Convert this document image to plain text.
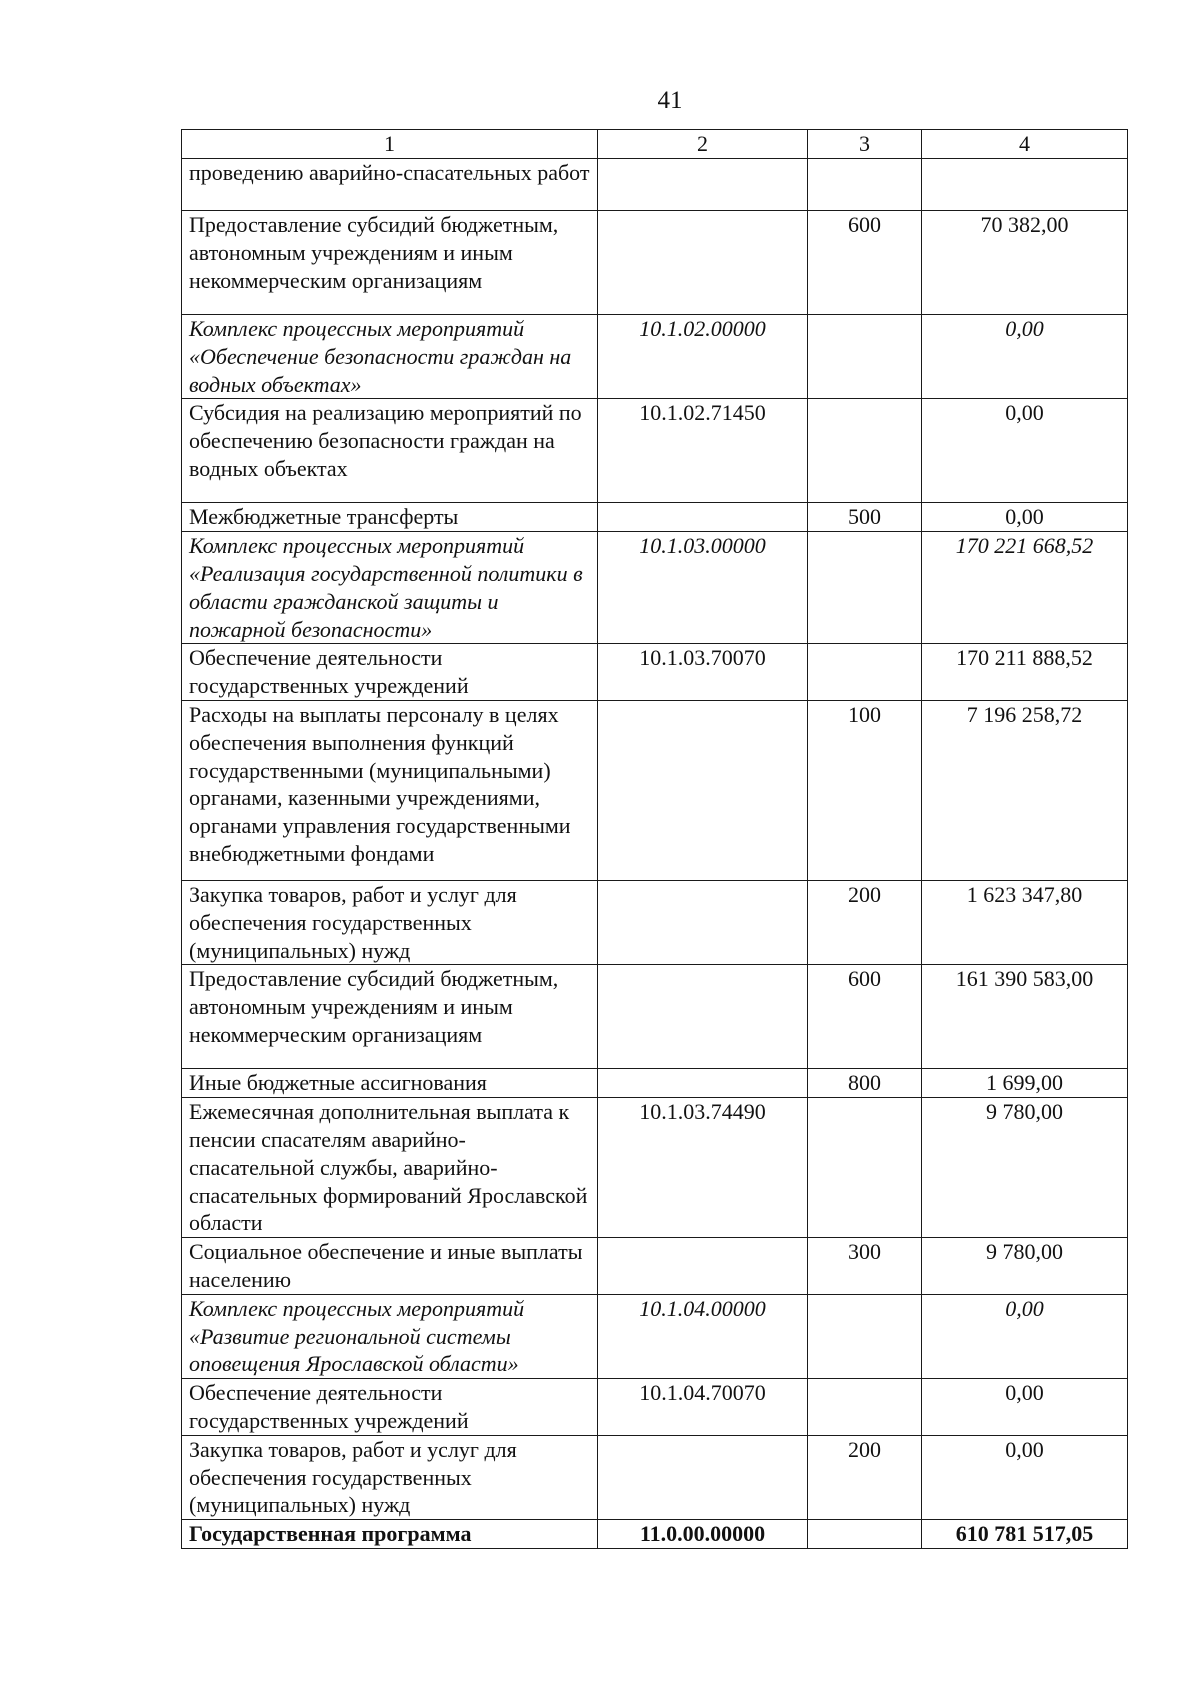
41
1	2	3	4
проведению аварийно-спасательных работ			
Предоставление субсидий бюджетным, автономным учреждениям и иным некоммерческим организациям		600	70 382,00
Комплекс процессных мероприятий «Обеспечение безопасности граждан на водных объектах»	10.1.02.00000		0,00
Субсидия на реализацию мероприятий по обеспечению безопасности граждан на водных объектах	10.1.02.71450		0,00
Межбюджетные трансферты		500	0,00
Комплекс процессных мероприятий «Реализация государственной политики в области гражданской защиты и пожарной безопасности»	10.1.03.00000		170 221 668,52
Обеспечение деятельности государственных учреждений	10.1.03.70070		170 211 888,52
Расходы на выплаты персоналу в целях обеспечения выполнения функций государственными (муниципальными) органами, казенными учреждениями, органами управления государственными внебюджетными фондами		100	7 196 258,72
Закупка товаров, работ и услуг для обеспечения государственных (муниципальных) нужд		200	1 623 347,80
Предоставление субсидий бюджетным, автономным учреждениям и иным некоммерческим организациям		600	161 390 583,00
Иные бюджетные ассигнования		800	1 699,00
Ежемесячная дополнительная выплата к пенсии спасателям аварийно-спасательной службы, аварийно-спасательных формирований Ярославской области	10.1.03.74490		9 780,00
Социальное обеспечение и иные выплаты населению		300	9 780,00
Комплекс процессных мероприятий «Развитие региональной системы оповещения Ярославской области»	10.1.04.00000		0,00
Обеспечение деятельности государственных учреждений	10.1.04.70070		0,00
Закупка товаров, работ и услуг для обеспечения государственных (муниципальных) нужд		200	0,00
Государственная программа	11.0.00.00000		610 781 517,05
